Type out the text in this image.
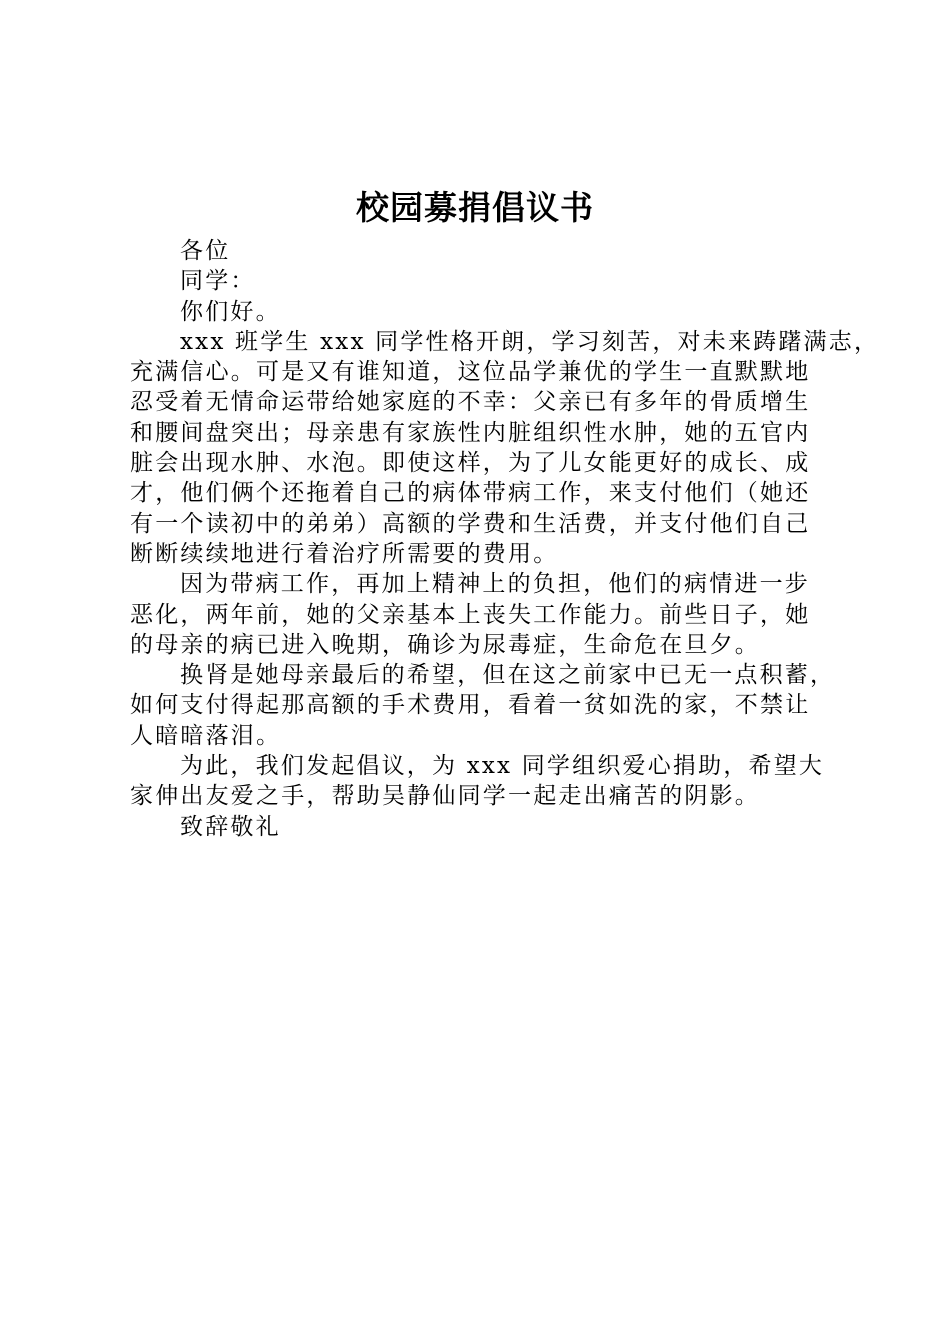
校园募捐倡议书
各位
同学：
你们好。
xxx 班学生 xxx 同学性格开朗，学习刻苦，对未来踌躇满志，
充满信心。可是又有谁知道，这位品学兼优的学生一直默默地
忍受着无情命运带给她家庭的不幸：父亲已有多年的骨质增生
和腰间盘突出；母亲患有家族性内脏组织性水肿，她的五官内
脏会出现水肿、水泡。即使这样，为了儿女能更好的成长、成
才，他们俩个还拖着自己的病体带病工作，来支付他们（她还
有一个读初中的弟弟）高额的学费和生活费，并支付他们自己
断断续续地进行着治疗所需要的费用。
因为带病工作，再加上精神上的负担，他们的病情进一步
恶化，两年前，她的父亲基本上丧失工作能力。前些日子，她
的母亲的病已进入晚期，确诊为尿毒症，生命危在旦夕。
换肾是她母亲最后的希望，但在这之前家中已无一点积蓄，
如何支付得起那高额的手术费用，看着一贫如洗的家，不禁让
人暗暗落泪。
为此，我们发起倡议，为 xxx 同学组织爱心捐助，希望大
家伸出友爱之手，帮助吴静仙同学一起走出痛苦的阴影。
致辞敬礼
